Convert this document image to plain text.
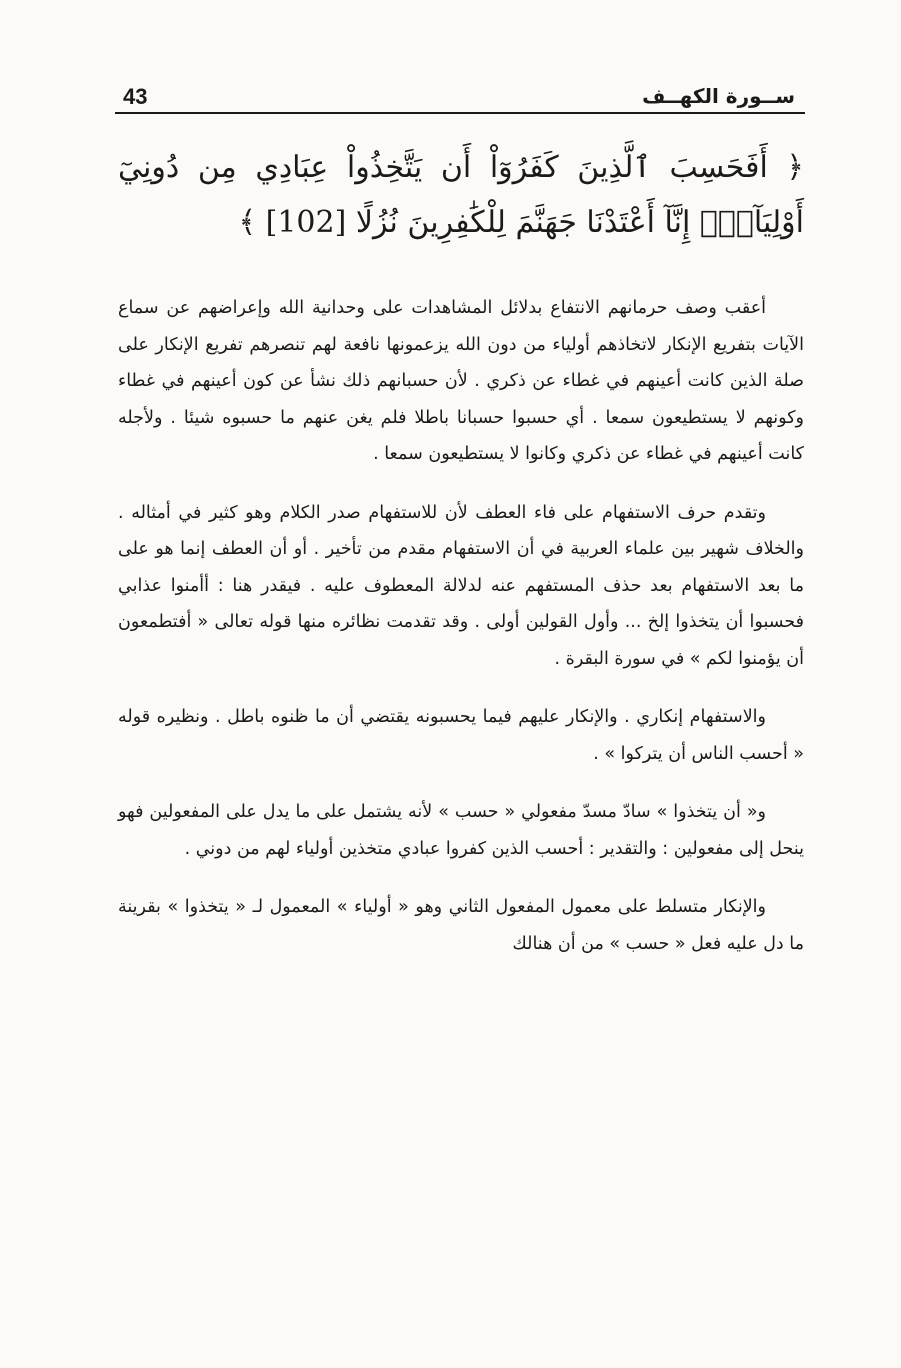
43	ســورة الكهــف
﴿ أَفَحَسِبَ ٱلَّذِينَ كَفَرُوٓاْ أَن يَتَّخِذُواْ عِبَادِي مِن دُونِيٓ
أَوْلِيَآءَۚ إِنَّآ أَعْتَدْنَا جَهَنَّمَ لِلْكَٰفِرِينَ نُزُلًا [102] ﴾

أعقب وصف حرمانهم الانتفاع بدلائل المشاهدات على وحدانية الله وإعراضهم عن سماع الآيات بتفريع الإنكار لاتخاذهم أولياء من دون الله يزعمونها نافعة لهم تنصرهم تفريع الإنكار على صلة الذين كانت أعينهم في غطاء عن ذكري . لأن حسبانهم ذلك نشأ عن كون أعينهم في غطاء وكونهم لا يستطيعون سمعا . أي حسبوا حسبانا باطلا فلم يغن عنهم ما حسبوه شيئا . ولأجله كانت أعينهم في غطاء عن ذكري وكانوا لا يستطيعون سمعا .

وتقدم حرف الاستفهام على فاء العطف لأن للاستفهام صدر الكلام وهو كثير في أمثاله . والخلاف شهير بين علماء العربية في أن الاستفهام مقدم من تأخير . أو أن العطف إنما هو على ما بعد الاستفهام بعد حذف المستفهم عنه لدلالة المعطوف عليه . فيقدر هنا : أأمنوا عذابي فحسبوا أن يتخذوا إلخ ... وأول القولين أولى . وقد تقدمت نظائره منها قوله تعالى « أفتطمعون أن يؤمنوا لكم » في سورة البقرة .

والاستفهام إنكاري . والإنكار عليهم فيما يحسبونه يقتضي أن ما ظنوه باطل . ونظيره قوله « أحسب الناس أن يتركوا » .

و« أن يتخذوا » سادّ مسدّ مفعولي « حسب » لأنه يشتمل على ما يدل على المفعولين فهو ينحل إلى مفعولين : والتقدير : أحسب الذين كفروا عبادي متخذين أولياء لهم من دوني .

والإنكار متسلط على معمول المفعول الثاني وهو « أولياء » المعمول لـ « يتخذوا » بقرينة ما دل عليه فعل « حسب » من أن هنالك
